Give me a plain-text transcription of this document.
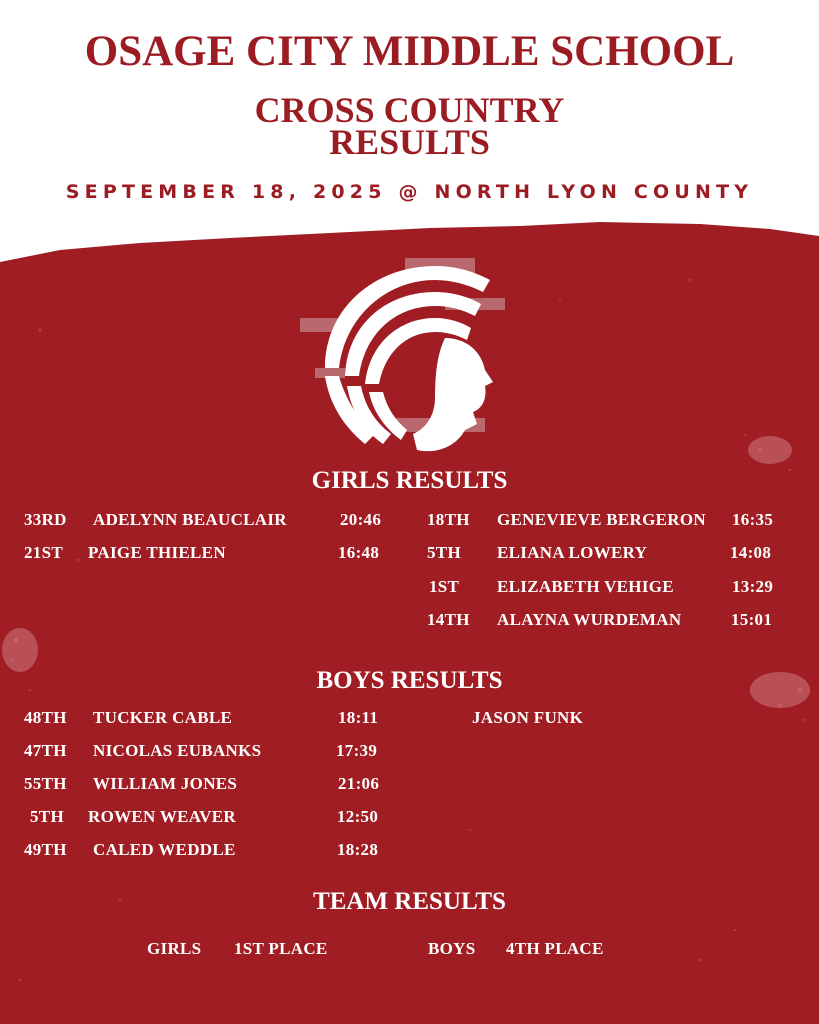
OSAGE CITY MIDDLE SCHOOL
CROSS COUNTRY
RESULTS
SEPTEMBER 18, 2025 @ NORTH LYON COUNTY
GIRLS RESULTS
33RD ADELYNN BEAUCLAIR	20:46
21ST PAIGE THIELEN	16:48
18TH GENEVIEVE BERGERON 16:35
5TH ELIANA LOWERY	14:08
1ST ELIZABETH VEHIGE	13:29
14TH ALAYNA WURDEMAN	15:01
BOYS RESULTS
48TH TUCKER CABLE	18:11
47TH NICOLAS EUBANKS	17:39
55TH WILLIAM JONES	21:06
5TH ROWEN WEAVER	12:50
49TH CALED WEDDLE	18:28
JASON FUNK
TEAM RESULTS
GIRLS 1ST PLACE	BOYS 4TH PLACE
